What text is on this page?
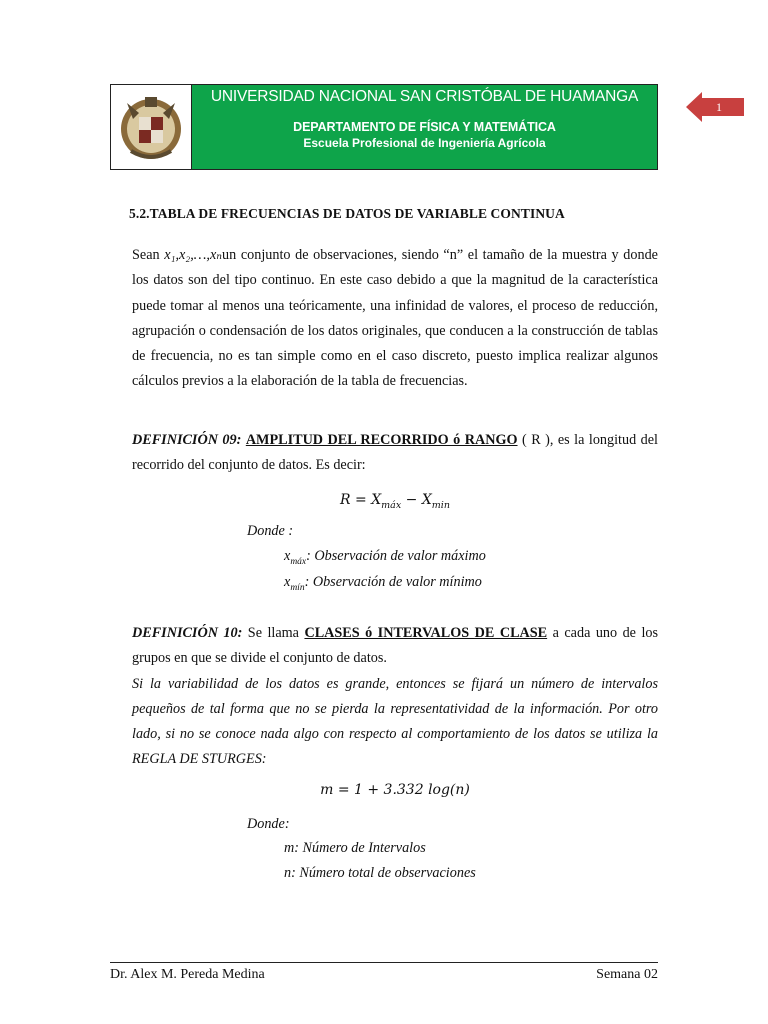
UNIVERSIDAD NACIONAL SAN CRISTÓBAL DE HUAMANGA
DEPARTAMENTO DE FÍSICA Y MATEMÁTICA
Escuela Profesional de Ingeniería Agrícola
1
5.2.TABLA DE FRECUENCIAS DE DATOS DE VARIABLE CONTINUA

Sean x₁,x₂,…,xₙun conjunto de observaciones, siendo “n” el tamaño de la muestra y donde los datos son del tipo continuo. En este caso debido a que la magnitud de la característica puede tomar al menos una teóricamente, una infinidad de valores, el proceso de reducción, agrupación o condensación de los datos originales, que conducen a la construcción de tablas de frecuencia, no es tan simple como en el caso discreto, puesto implica realizar algunos cálculos previos a la elaboración de la tabla de frecuencias.

DEFINICIÓN 09: AMPLITUD DEL RECORRIDO ó RANGO ( R ), es la longitud del recorrido del conjunto de datos. Es decir:

$R = X_{máx} - X_{min}$
Donde :
$x_{máx}$: Observación de valor máximo
$x_{mín}$: Observación de valor mínimo

DEFINICIÓN 10: Se llama CLASES ó INTERVALOS DE CLASE a cada uno de los grupos en que se divide el conjunto de datos.
Si la variabilidad de los datos es grande, entonces se fijará un número de intervalos pequeños de tal forma que no se pierda la representatividad de la información. Por otro lado, si no se conoce nada algo con respecto al comportamiento de los datos se utiliza la REGLA DE STURGES:

m = 1 + 3.332 log(n)
Donde:
m: Número de Intervalos
n: Número total de observaciones
Dr. Alex M. Pereda Medina	Semana 02
